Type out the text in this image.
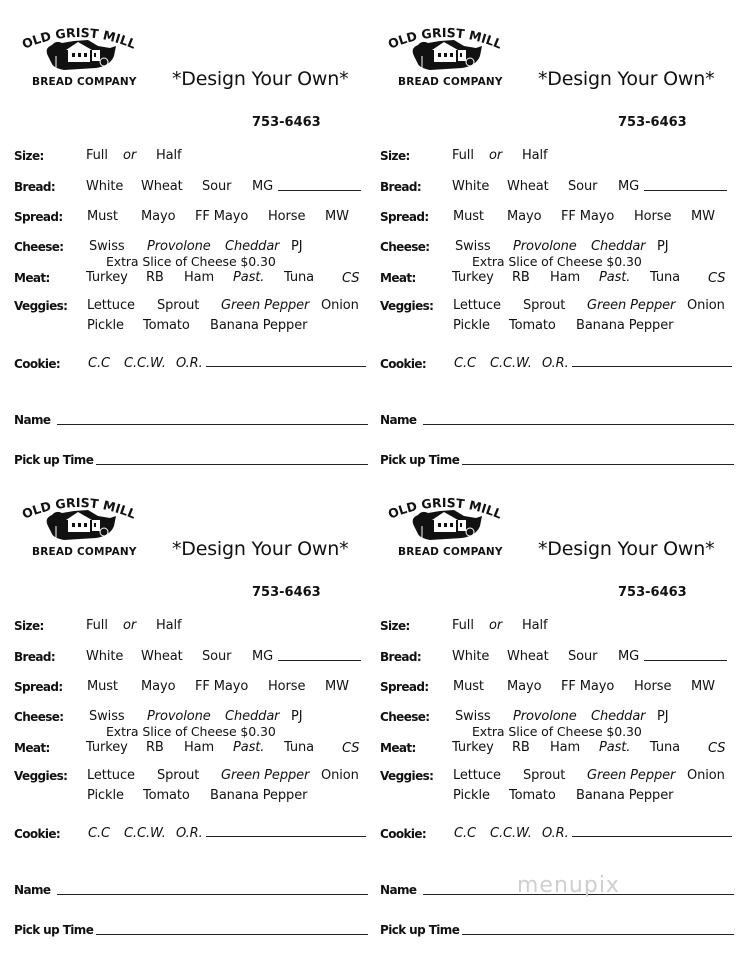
OLD GRIST MILL
BREAD COMPANY *Design Your Own*
753-6463
Size:	Full or Half
Bread: White Wheat Sour MG
Spread: Must Mayo FF Mayo Horse MW
Cheese: Swiss Provolone Cheddar PJ
Extra Slice of Cheese $0.30
Meat:	Turkey RB Ham Past. Tuna CS
Veggies: Lettuce Sprout Green Pepper Onion
Pickle Tomato Banana Pepper
Cookie: C.C C.C.W. O.R.
Name
Pick up Time
OLD GRIST MILL
BREAD COMPANY *Design Your Own*
753-6463
Size:	Full or Half
Bread: White Wheat Sour MG
Spread: Must Mayo FF Mayo Horse MW
Cheese: Swiss Provolone Cheddar PJ
Extra Slice of Cheese $0.30
Meat:	Turkey RB Ham Past. Tuna CS
Veggies: Lettuce Sprout Green Pepper Onion
Pickle Tomato Banana Pepper
Cookie: C.C C.C.W. O.R.
Name
Pick up Time
OLD GRIST MILL
BREAD COMPANY *Design Your Own*
753-6463
Size:	Full or Half
Bread: White Wheat Sour MG
Spread: Must Mayo FF Mayo Horse MW
Cheese: Swiss Provolone Cheddar PJ
Extra Slice of Cheese $0.30
Meat:	Turkey RB Ham Past. Tuna CS
Veggies: Lettuce Sprout Green Pepper Onion
Pickle Tomato Banana Pepper
Cookie: C.C C.C.W. O.R.
Name
Pick up Time
OLD GRIST MILL
BREAD COMPANY *Design Your Own*
753-6463
Size:	Full or Half
Bread: White Wheat Sour MG
Spread: Must Mayo FF Mayo Horse MW
Cheese: Swiss Provolone Cheddar PJ
Extra Slice of Cheese $0.30
Meat:	Turkey RB Ham Past. Tuna CS
Veggies: Lettuce Sprout Green Pepper Onion
Pickle Tomato Banana Pepper
Cookie: C.C C.C.W. O.R.
Name
Pick up Time
menupix
